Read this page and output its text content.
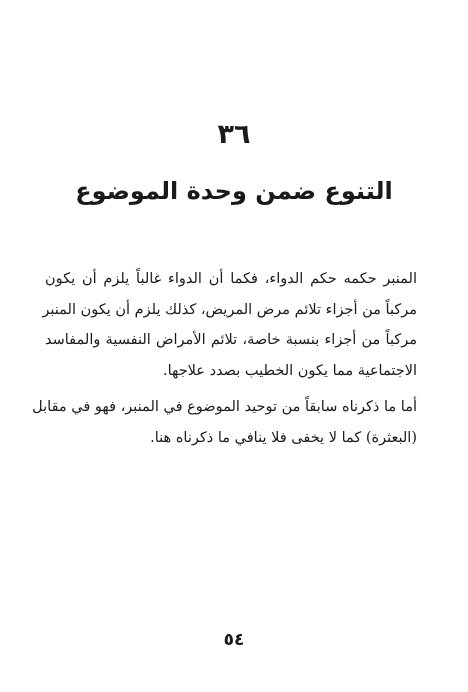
٣٦
التنوع ضمن وحدة الموضوع

المنبر حكمه حكم الدواء، فكما أن الدواء غالباً يلزم أن يكون
مركباً من أجزاء تلائم مرض المريض، كذلك يلزم أن يكون المنبر
مركباً من أجزاء بنسبة خاصة، تلائم الأمراض النفسية والمفاسد
الاجتماعية مما يكون الخطيب بصدد علاجها.

أما ما ذكرناه سابقاً من توحيد الموضوع في المنبر، فهو في مقابل
(البعثرة) كما لا يخفى فلا ينافي ما ذكرناه هنا.

٥٤
